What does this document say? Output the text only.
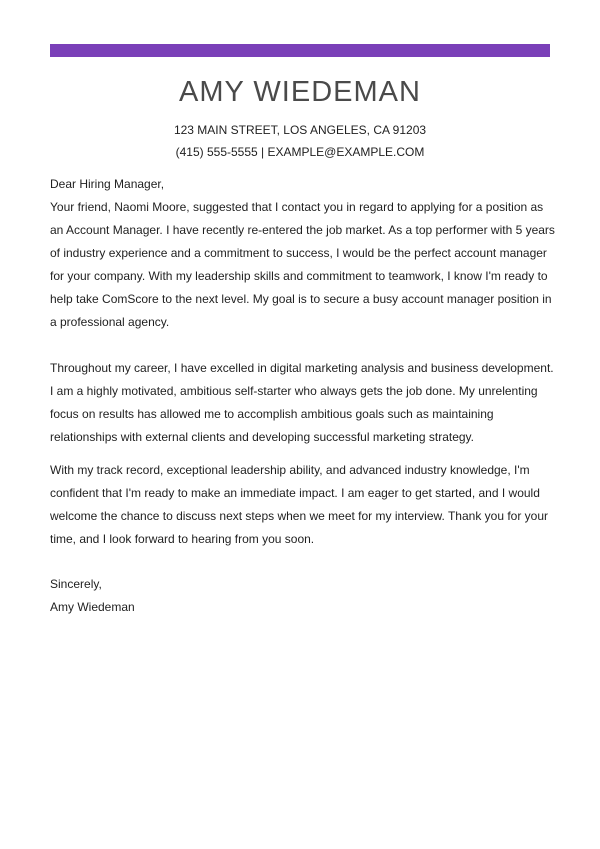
AMY WIEDEMAN
123 MAIN STREET, LOS ANGELES, CA 91203
(415) 555-5555 | EXAMPLE@EXAMPLE.COM

Dear Hiring Manager,

Your friend, Naomi Moore, suggested that I contact you in regard to applying for a position as an Account Manager. I have recently re-entered the job market. As a top performer with 5 years of industry experience and a commitment to success, I would be the perfect account manager for your company. With my leadership skills and commitment to teamwork, I know I'm ready to help take ComScore to the next level. My goal is to secure a busy account manager position in a professional agency.

Throughout my career, I have excelled in digital marketing analysis and business development. I am a highly motivated, ambitious self-starter who always gets the job done. My unrelenting focus on results has allowed me to accomplish ambitious goals such as maintaining relationships with external clients and developing successful marketing strategy.

With my track record, exceptional leadership ability, and advanced industry knowledge, I'm confident that I'm ready to make an immediate impact. I am eager to get started, and I would welcome the chance to discuss next steps when we meet for my interview. Thank you for your time, and I look forward to hearing from you soon.

Sincerely,

Amy Wiedeman
